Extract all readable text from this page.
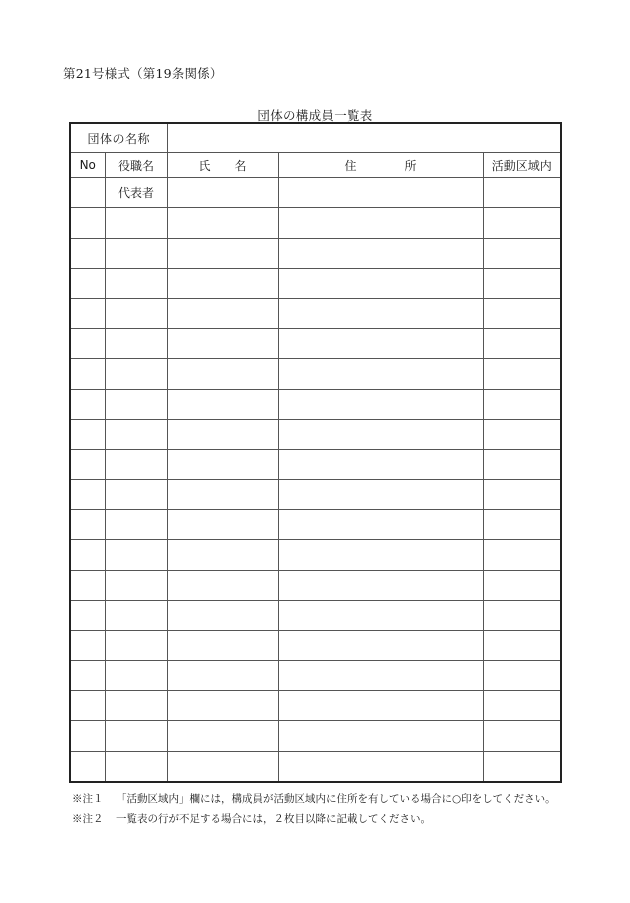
第21号様式（第19条関係）
団体の構成員一覧表
団体の名称				
No	役職名	氏　　名	住　　　　所	活動区域内
	代表者			

※注１ 「活動区域内」欄には，構成員が活動区域内に住所を有している場合に○印をしてください。
※注２ 一覧表の行が不足する場合には，２枚目以降に記載してください。
